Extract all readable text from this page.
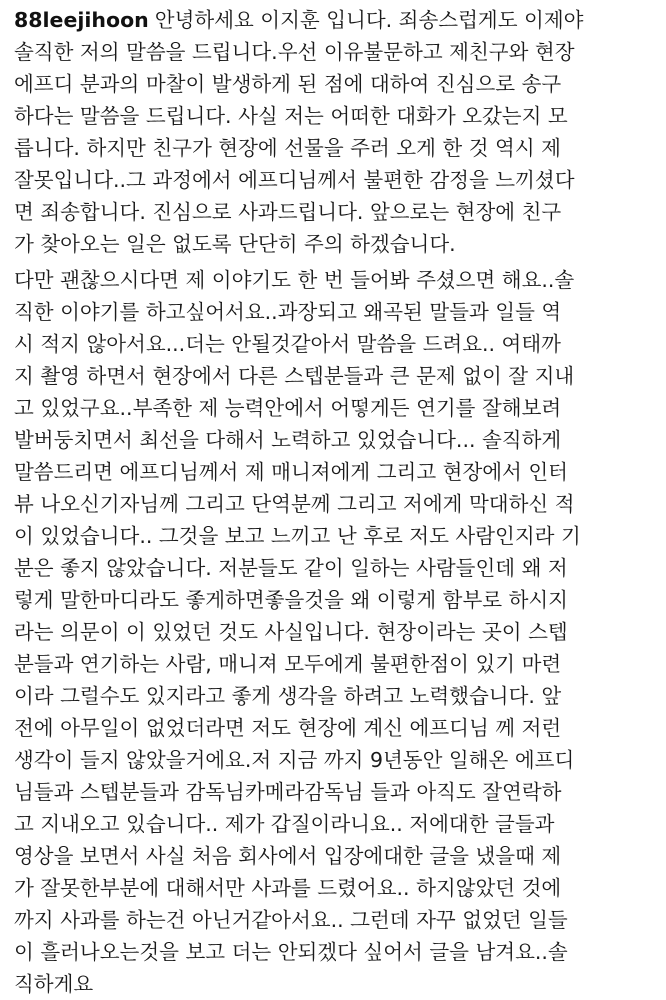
88leejihoon 안녕하세요 이지훈 입니다. 죄송스럽게도 이제야
솔직한 저의 말씀을 드립니다.우선 이유불문하고 제친구와 현장
에프디 분과의 마찰이 발생하게 된 점에 대하여 진심으로 송구
하다는 말씀을 드립니다. 사실 저는 어떠한 대화가 오갔는지 모
릅니다. 하지만 친구가 현장에 선물을 주러 오게 한 것 역시 제
잘못입니다..그 과정에서 에프디님께서 불편한 감정을 느끼셨다
면 죄송합니다. 진심으로 사과드립니다. 앞으로는 현장에 친구
가 찾아오는 일은 없도록 단단히 주의 하겠습니다.
다만 괜찮으시다면 제 이야기도 한 번 들어봐 주셨으면 해요..솔
직한 이야기를 하고싶어서요..과장되고 왜곡된 말들과 일들 역
시 적지 않아서요...더는 안될것같아서 말씀을 드려요.. 여태까
지 촬영 하면서 현장에서 다른 스텝분들과 큰 문제 없이 잘 지내
고 있었구요..부족한 제 능력안에서 어떻게든 연기를 잘해보려
발버둥치면서 최선을 다해서 노력하고 있었습니다... 솔직하게
말씀드리면 에프디님께서 제 매니져에게 그리고 현장에서 인터
뷰 나오신기자님께 그리고 단역분께 그리고 저에게 막대하신 적
이 있었습니다.. 그것을 보고 느끼고 난 후로 저도 사람인지라 기
분은 좋지 않았습니다. 저분들도 같이 일하는 사람들인데 왜 저
렇게 말한마디라도 좋게하면좋을것을 왜 이렇게 함부로 하시지
라는 의문이 이 있었던 것도 사실입니다. 현장이라는 곳이 스텝
분들과 연기하는 사람, 매니져 모두에게 불편한점이 있기 마련
이라 그럴수도 있지라고 좋게 생각을 하려고 노력했습니다. 앞
전에 아무일이 없었더라면 저도 현장에 계신 에프디님 께 저런
생각이 들지 않았을거에요.저 지금 까지 9년동안 일해온 에프디
님들과 스텝분들과 감독님카메라감독님 들과 아직도 잘연락하
고 지내오고 있습니다.. 제가 갑질이라니요.. 저에대한 글들과
영상을 보면서 사실 처음 회사에서 입장에대한 글을 냈을때 제
가 잘못한부분에 대해서만 사과를 드렸어요.. 하지않았던 것에
까지 사과를 하는건 아닌거같아서요.. 그런데 자꾸 없었던 일들
이 흘러나오는것을 보고 더는 안되겠다 싶어서 글을 남겨요..솔
직하게요
